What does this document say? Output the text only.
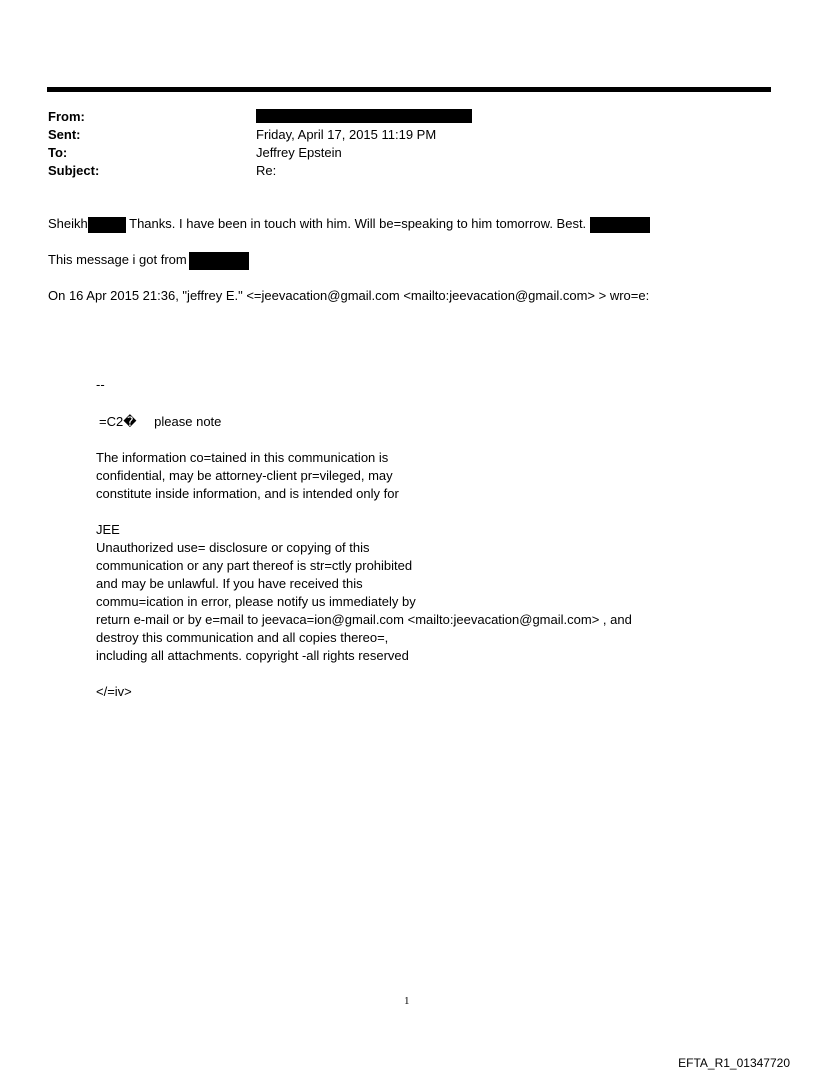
From:
Sent:	Friday, April 17, 2015 11:19 PM
To:	Jeffrey Epstein
Subject:	Re:
Sheikh	Thanks. I have been in touch with him. Will be=speaking to him tomorrow. Best.
This message i got from
On 16 Apr 2015 21:36, "jeffrey E." <=jeevacation@gmail.com <mailto:jeevacation@gmail.com> > wro=e:
--
=C2� please note
The information co=tained in this communication is
confidential, may be attorney-client pr=vileged, may
constitute inside information, and is intended only for
JEE
Unauthorized use= disclosure or copying of this
communication or any part thereof is str=ctly prohibited
and may be unlawful. If you have received this
commu=ication in error, please notify us immediately by
return e-mail or by e=mail to jeevaca=ion@gmail.com <mailto:jeevacation@gmail.com> , and
destroy this communication and all copies thereo=,
including all attachments. copyright -all rights reserved
</=iv>
1
EFTA_R1_01347720
